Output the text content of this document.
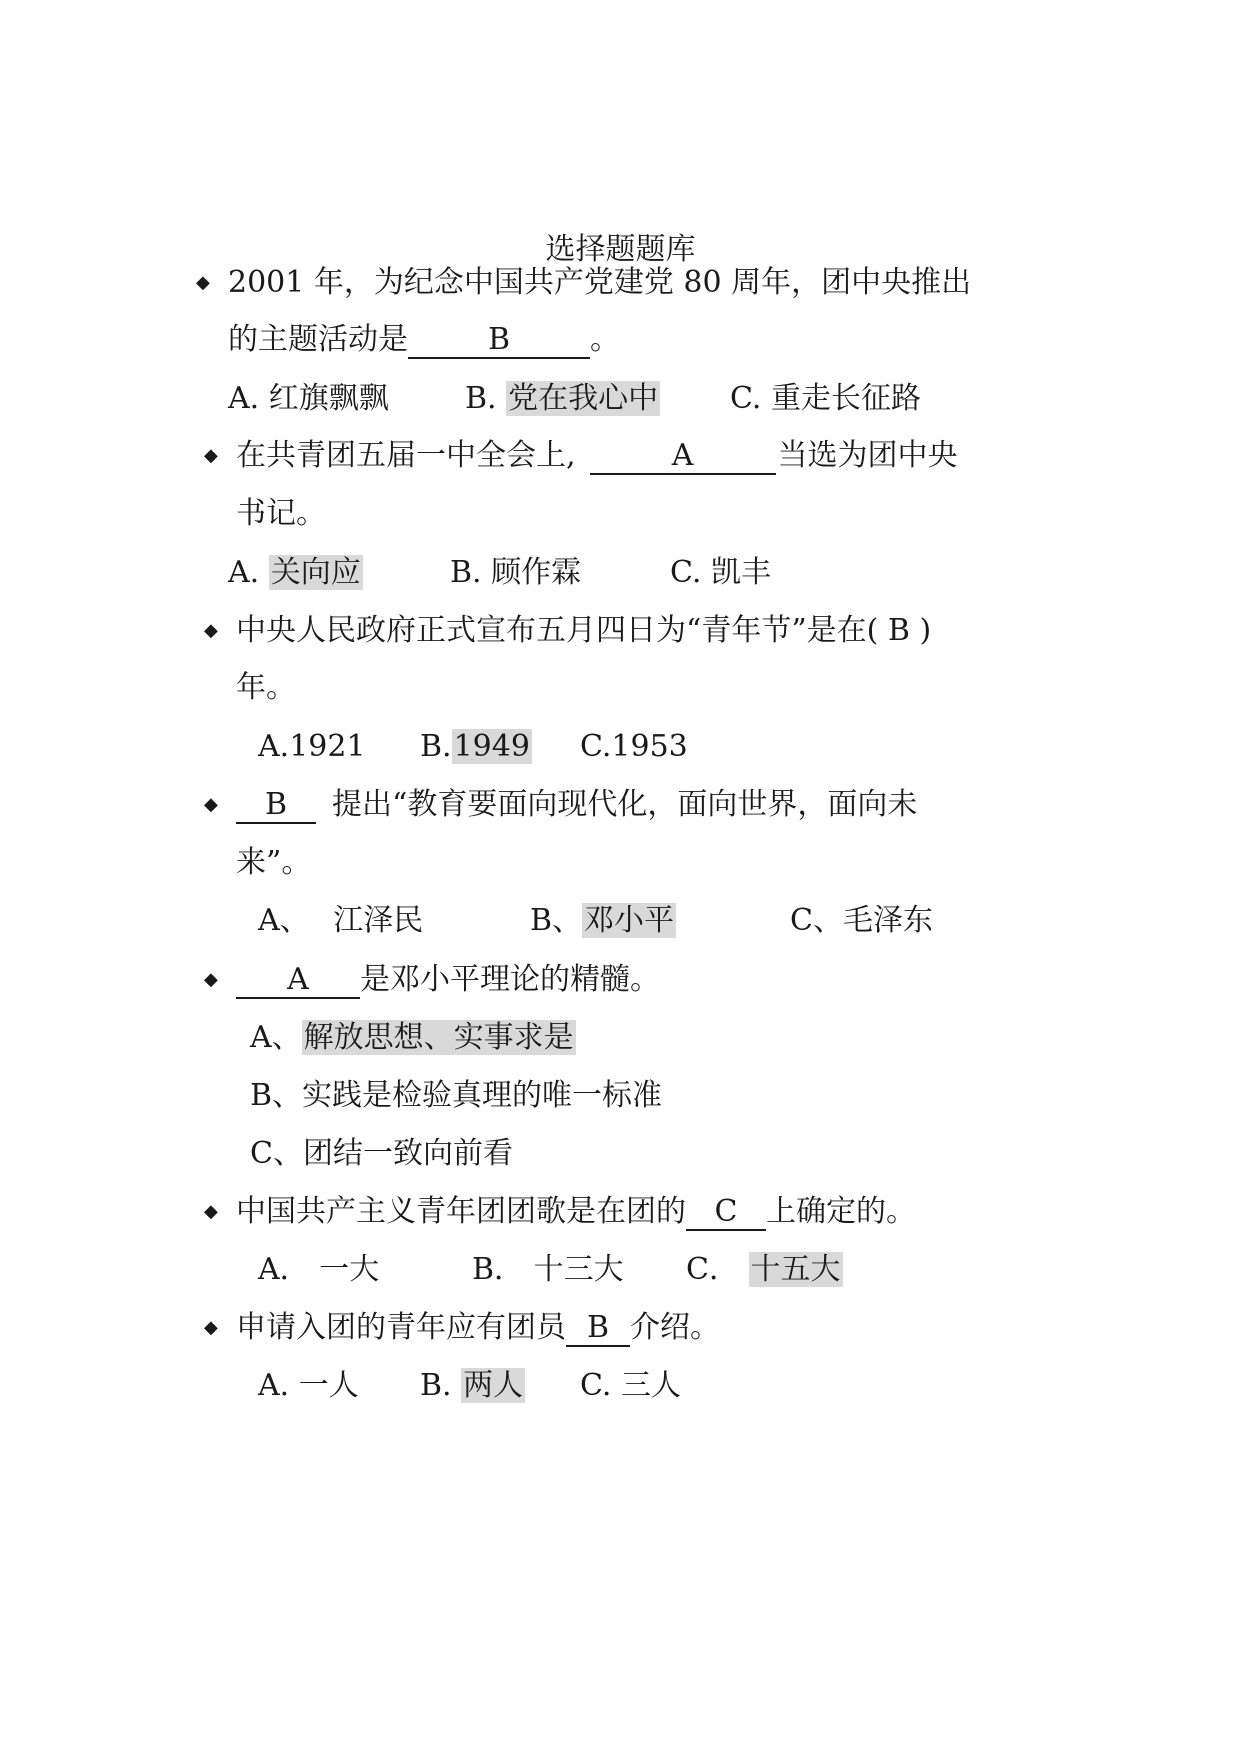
选择题题库
◆ 2001 年，为纪念中国共产党建党 80 周年，团中央推出
的主题活动是	B	。
A. 红旗飘飘	B. 党在我心中 C. 重走长征路
◆ 在共青团五届一中全会上,	A	当选为团中央
书记。
A. 关向应	B. 顾作霖	C. 凯丰
◆ 中央人民政府正式宣布五月四日为“青年节”是在( B )
年。
A.1921 B.1949 C.1953
◆	B 提出“教育要面向现代化，面向世界，面向未
来”。
A、 江泽民	B、邓小平	C、毛泽东
◆	A 是邓小平理论的精髓。
A、解放思想、实事求是
B、实践是检验真理的唯一标准
C、团结一致向前看
◆ 中国共产主义青年团团歌是在团的 C 上确定的。
A． 一大	B． 十三大 C． 十五大
◆ 申请入团的青年应有团员 B 介绍。
A. 一人 B. 两人 C. 三人
